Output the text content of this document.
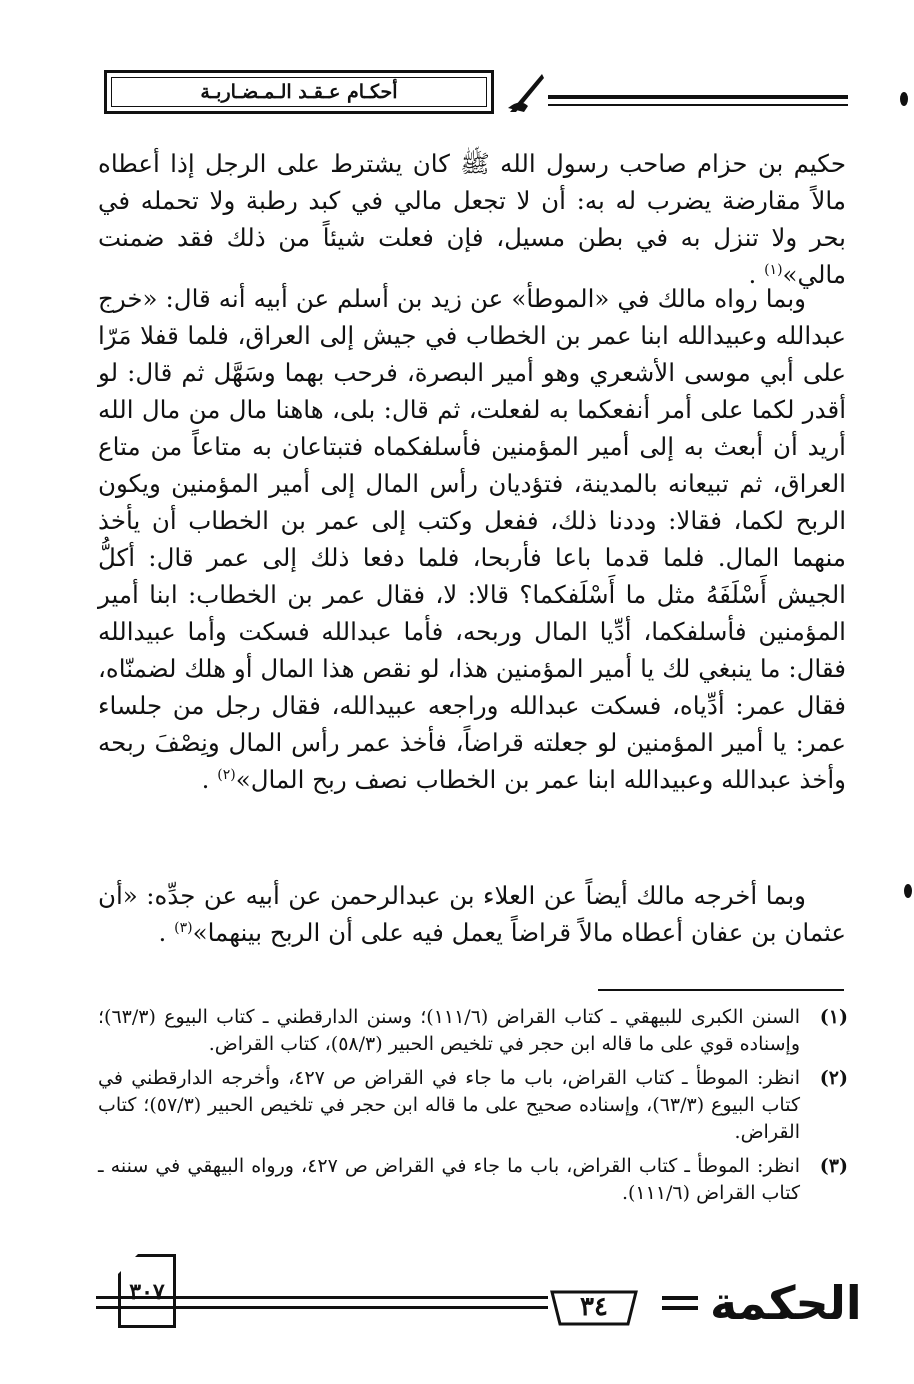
أحكـام عـقـد الـمـضـاربـة

حكيم بن حزام صاحب رسول الله ﷺ كان يشترط على الرجل إذا أعطاه مالاً مقارضة يضرب له به: أن لا تجعل مالي في كبد رطبة ولا تحمله في بحر ولا تنزل به في بطن مسيل، فإن فعلت شيئاً من ذلك فقد ضمنت مالي»$^{(١)}$ .

وبما رواه مالك في «الموطأ» عن زيد بن أسلم عن أبيه أنه قال: «خرج عبدالله وعبيدالله ابنا عمر بن الخطاب في جيش إلى العراق، فلما قفلا مَرّا على أبي موسى الأشعري وهو أمير البصرة، فرحب بهما وسَهَّل ثم قال: لو أقدر لكما على أمر أنفعكما به لفعلت، ثم قال: بلى، هاهنا مال من مال الله أريد أن أبعث به إلى أمير المؤمنين فأسلفكماه فتبتاعان به متاعاً من متاع العراق، ثم تبيعانه بالمدينة، فتؤديان رأس المال إلى أمير المؤمنين ويكون الربح لكما، فقالا: وددنا ذلك، ففعل وكتب إلى عمر بن الخطاب أن يأخذ منهما المال. فلما قدما باعا فأربحا، فلما دفعا ذلك إلى عمر قال: أكلُّ الجيش أَسْلَفَهُ مثل ما أَسْلَفكما؟ قالا: لا، فقال عمر بن الخطاب: ابنا أمير المؤمنين فأسلفكما، أدِّيا المال وربحه، فأما عبدالله فسكت وأما عبيدالله فقال: ما ينبغي لك يا أمير المؤمنين هذا، لو نقص هذا المال أو هلك لضمنّاه، فقال عمر: أدِّياه، فسكت عبدالله وراجعه عبيدالله، فقال رجل من جلساء عمر: يا أمير المؤمنين لو جعلته قراضاً، فأخذ عمر رأس المال ونِصْفَ ربحه وأخذ عبدالله وعبيدالله ابنا عمر بن الخطاب نصف ربح المال»$^{(٢)}$ .

وبما أخرجه مالك أيضاً عن العلاء بن عبدالرحمن عن أبيه عن جدِّه: «أن عثمان بن عفان أعطاه مالاً قراضاً يعمل فيه على أن الربح بينهما»$^{(٣)}$ .

(١)
السنن الكبرى للبيهقي ـ كتاب القراض (١١١/٦)؛ وسنن الدارقطني ـ كتاب البيوع (٦٣/٣)؛ وإسناده قوي على ما قاله ابن حجر في تلخيص الحبير (٥٨/٣)، كتاب القراض.
(٢)
انظر: الموطأ ـ كتاب القراض، باب ما جاء في القراض ص ٤٢٧، وأخرجه الدارقطني في كتاب البيوع (٦٣/٣)، وإسناده صحيح على ما قاله ابن حجر في تلخيص الحبير (٥٧/٣)؛ كتاب القراض.
(٣)
انظر: الموطأ ـ كتاب القراض، باب ما جاء في القراض ص ٤٢٧، ورواه البيهقي في سننه ـ كتاب القراض (١١١/٦).
٣٠٧	٣٤	الحكمة
